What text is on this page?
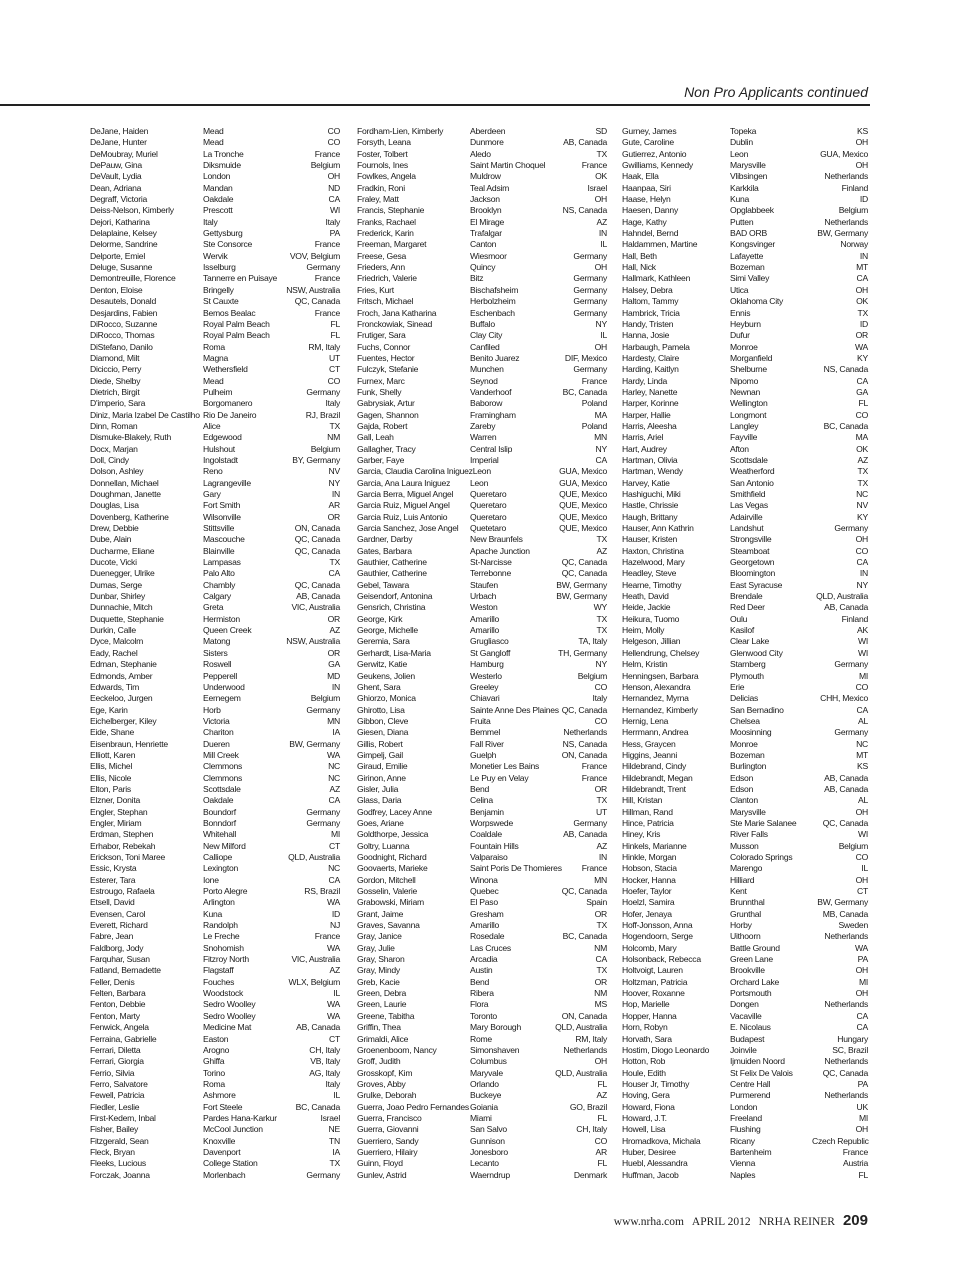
Non Pro Applicants continued
DeJane, Haiden	Mead	CO
DeJane, Hunter	Mead	CO
DeMoubray, Muriel	La Tronche	France
DePauw, Gina	Diksmuide	Belgium
DeVault, Lydia	London	OH
Dean, Adriana	Mandan	ND
Degraff, Victoria	Oakdale	CA
Deiss-Nelson, Kimberly	Prescott	WI
Dejori, Katharina	Italy	Italy
Delaplaine, Kelsey	Gettysburg	PA
Delorme, Sandrine	Ste Consorce	France
Delporte, Emiel	Wervik	VOV, Belgium
Deluge, Susanne	Isselburg	Germany
Demontreuille, Florence	Tannerre en Puisaye	France
Denton, Eloise	Bringelly	NSW, Australia
Desautels, Donald	St Cauxte	QC, Canada
Desjardins, Fabien	Bemos Bealac	France
DiRocco, Suzanne	Royal Palm Beach	FL
DiRocco, Thomas	Royal Palm Beach	FL
DiStefano, Danilo	Roma	RM, Italy
Diamond, Milt	Magna	UT
Diciccio, Perry	Wethersfield	CT
Diede, Shelby	Mead	CO
Dietrich, Birgit	Pulheim	Germany
D'imperio, Sara	Borgomanero	Italy
Diniz, Maria Izabel De Castilho Rio De Janeiro	RJ, Brazil
Dinn, Roman	Alice	TX
Dismuke-Blakely, Ruth	Edgewood	NM
Docx, Marjan	Hulshout	Belgium
Doll, Cindy	Ingolstadt	BY, Germany
Dolson, Ashley	Reno	NV
Donnellan, Michael	Lagrangeville	NY
Doughman, Janette	Gary	IN
Douglas, Lisa	Fort Smith	AR
Dovenberg, Katherine	Wilsonville	OR
Drew, Debbie	Stittsville	ON, Canada
Dube, Alain	Mascouche	QC, Canada
Ducharme, Eliane	Blainville	QC, Canada
Ducote, Vicki	Lampasas	TX
Duenegger, Ulrike	Palo Alto	CA
Dumas, Serge	Chambly	QC, Canada
Dunbar, Shirley	Calgary	AB, Canada
Dunnachie, Mitch	Greta	VIC, Australia
Duquette, Stephanie	Hermiston	OR
Durkin, Calle	Queen Creek	AZ
Dyce, Malcolm	Matong	NSW, Australia
Eady, Rachel	Sisters	OR
Edman, Stephanie	Roswell	GA
Edmonds, Amber	Pepperell	MD
Edwards, Tim	Underwood	IN
Eeckeloo, Jurgen	Eernegem	Belgium
Ege, Karin	Horb	Germany
Eichelberger, Kiley	Victoria	MN
Eide, Shane	Chariton	IA
Eisenbraun, Henriette	Dueren	BW, Germany
Elliott, Karen	Mill Creek	WA
Ellis, Michel	Clemmons	NC
Ellis, Nicole	Clemmons	NC
Elton, Paris	Scottsdale	AZ
Elzner, Donita	Oakdale	CA
Engler, Stephan	Boundorf	Germany
Engler, Miriam	Bonndorf	Germany
Erdman, Stephen	Whitehall	MI
Erhabor, Rebekah	New Milford	CT
Erickson, Toni Maree	Calliope	QLD, Australia
Essic, Krysta	Lexington	NC
Esterer, Tara	Ione	CA
Estrougo, Rafaela	Porto Alegre	RS, Brazil
Etsell, David	Arlington	WA
Evensen, Carol	Kuna	ID
Everett, Richard	Randolph	NJ
Fabre, Jean	Le Freche	France
Faldborg, Jody	Snohomish	WA
Farquhar, Susan	Fitzroy North	VIC, Australia
Fatland, Bernadette	Flagstaff	AZ
Feller, Denis	Fouches	WLX, Belgium
Felten, Barbara	Woodstock	IL
Fenton, Debbie	Sedro Woolley	WA
Fenton, Marty	Sedro Woolley	WA
Fenwick, Angela	Medicine Mat	AB, Canada
Ferraina, Gabrielle	Easton	CT
Ferrari, Diletta	Arogno	CH, Italy
Ferrari, Giorgia	Ghiffa	VB, Italy
Ferrio, Silvia	Torino	AG, Italy
Ferro, Salvatore	Roma	Italy
Fewell, Patricia	Ashmore	IL
Fiedler, Leslie	Fort Steele	BC, Canada
First-Kedem, Inbal	Pardes Hana-Karkur	Israel
Fisher, Bailey	McCool Junction	NE
Fitzgerald, Sean	Knoxville	TN
Fleck, Bryan	Davenport	IA
Fleeks, Lucious	College Station	TX
Forczak, Joanna	Morlenbach	Germany
Fordham-Lien, Kimberly	Aberdeen	SD
Forsyth, Leana	Dunmore	AB, Canada
Foster, Tolbert	Aledo	TX
Fournols, Ines	Saint Martin Choquel	France
Fowlkes, Angela	Muldrow	OK
Fradkin, Roni	Teal Adsim	Israel
Fraley, Matt	Jackson	OH
Francis, Stephanie	Brooklyn	NS, Canada
Franks, Rachael	El Mirage	AZ
Frederick, Karin	Trafalgar	IN
Freeman, Margaret	Canton	IL
Freese, Gesa	Wiesmoor	Germany
Frieders, Ann	Quincy	OH
Friedrich, Valerie	Bitz	Germany
Fries, Kurt	Bischafsheim	Germany
Fritsch, Michael	Herbolzheim	Germany
Froch, Jana Katharina	Eschenbach	Germany
Fronckowiak, Sinead	Buffalo	NY
Frutiger, Sara	Clay City	IL
Fuchs, Connor	Canfiled	OH
Fuentes, Hector	Benito Juarez	DIF, Mexico
Fulczyk, Stefanie	Munchen	Germany
Furnex, Marc	Seynod	France
Funk, Shelly	Vanderhoof	BC, Canada
Gabrysiak, Artur	Baborow	Poland
Gagen, Shannon	Framingham	MA
Gajda, Robert	Zareby	Poland
Gall, Leah	Warren	MN
Gallagher, Tracy	Central Islip	NY
Garber, Faye	Imperial	CA
Garcia, Claudia Carolina Iniguez Leon	GUA, Mexico
Garcia, Ana Laura Iniguez	Leon	GUA, Mexico
Garcia Berra, Miguel Angel	Queretaro	QUE, Mexico
Garcia Ruiz, Miguel Angel	Queretaro	QUE, Mexico
Garcia Ruiz, Luis Antonio	Queretaro	QUE, Mexico
Garcia Sanchez, Jose Angel	Quetetaro	QUE, Mexico
Gardner, Darby	New Braunfels	TX
Gates, Barbara	Apache Junction	AZ
Gauthier, Catherine	St-Narcisse	QC, Canada
Gauthier, Catherine	Terrebonne	QC, Canada
Gebel, Tawara	Staufen	BW, Germany
Geisendorf, Antonina	Urbach	BW, Germany
Gensrich, Christina	Weston	WY
George, Kirk	Amarillo	TX
George, Michelle	Amarillo	TX
Geremia, Sara	Grugliasco	TA, Italy
Gerhardt, Lisa-Maria	St Gangloff	TH, Germany
Gerwitz, Katie	Hamburg	NY
Geukens, Jolien	Westerlo	Belgium
Ghent, Sara	Greeley	CO
Ghiorzo, Monica	Chiavari	Italy
Ghirotto, Lisa	Sainte Anne Des Plaines QC, Canada
Gibbon, Cleve	Fruita	CO
Giesen, Diana	Bemmel	Netherlands
Gillis, Robert	Fall River	NS, Canada
Gimpelj, Gail	Guelph	ON, Canada
Giraud, Emilie	Monetier Les Bains	France
Girinon, Anne	Le Puy en Velay	France
Gisler, Julia	Bend	OR
Glass, Daria	Celina	TX
Godfrey, Lacey Anne	Benjamin	UT
Goes, Ariane	Worpswede	Germany
Goldthorpe, Jessica	Coaldale	AB, Canada
Goltry, Luanna	Fountain Hills	AZ
Goodnight, Richard	Valparaiso	IN
Goovaerts, Marieke	Saint Poris De Thomieres	France
Gordon, Mitchell	Winona	MN
Gosselin, Valerie	Quebec	QC, Canada
Grabowski, Miriam	El Paso	Spain
Grant, Jaime	Gresham	OR
Graves, Savanna	Amarillo	TX
Gray, Janice	Rosedale	BC, Canada
Gray, Julie	Las Cruces	NM
Gray, Sharon	Arcadia	CA
Gray, Mindy	Austin	TX
Greb, Kacie	Bend	OR
Green, Debra	Ribera	NM
Green, Laurie	Flora	MS
Greene, Tabitha	Toronto	ON, Canada
Griffin, Thea	Mary Borough	QLD, Australia
Grimaldi, Alice	Rome	RM, Italy
Groenenboom, Nancy	Simonshaven	Netherlands
Groff, Judith	Columbus	OH
Grosskopf, Kim	Maryvale	QLD, Australia
Groves, Abby	Orlando	FL
Grulke, Deborah	Buckeye	AZ
Guerra, Joao Pedro Fernandes Goiania	GO, Brazil
Guerra, Francisco	Miami	FL
Guerra, Giovanni	San Salvo	CH, Italy
Guerriero, Sandy	Gunnison	CO
Guerriero, Hilairy	Jonesboro	AR
Guinn, Floyd	Lecanto	FL
Gunlev, Astrid	Waerndrup	Denmark
Gurney, James	Topeka	KS
Gute, Caroline	Dublin	OH
Gutierrez, Antonio	Leon	GUA, Mexico
Gwilliams, Kennedy	Marysville	OH
Haak, Ella	Vlibsingen	Netherlands
Haanpaa, Siri	Karkkila	Finland
Haase, Helyn	Kuna	ID
Haesen, Danny	Opglabbeek	Belgium
Hage, Kathy	Putten	Netherlands
Hahndel, Bernd	BAD ORB	BW, Germany
Haldammen, Martine	Kongsvinger	Norway
Hall, Beth	Lafayette	IN
Hall, Nick	Bozeman	MT
Hallmark, Kathleen	Simi Valley	CA
Halsey, Debra	Utica	OH
Haltom, Tammy	Oklahoma City	OK
Hambrick, Tricia	Ennis	TX
Handy, Tristen	Heyburn	ID
Hanna, Josie	Dufur	OR
Harbaugh, Pamela	Monroe	WA
Hardesty, Claire	Morganfield	KY
Harding, Kaitlyn	Shelburne	NS, Canada
Hardy, Linda	Nipomo	CA
Harley, Nanette	Newnan	GA
Harper, Korinne	Wellington	FL
Harper, Hallie	Longmont	CO
Harris, Aleesha	Langley	BC, Canada
Harris, Ariel	Fayville	MA
Hart, Audrey	Afton	OK
Hartman, Olivia	Scottsdale	AZ
Hartman, Wendy	Weatherford	TX
Harvey, Katie	San Antonio	TX
Hashiguchi, Miki	Smithfield	NC
Hastle, Chrissie	Las Vegas	NV
Haugh, Brittany	Adairville	KY
Hauser, Ann Kathrin	Landshut	Germany
Hauser, Kristen	Strongsville	OH
Haxton, Christina	Steamboat	CO
Hazelwood, Mary	Georgetown	CA
Headley, Steve	Bloomington	IN
Hearne, Timothy	East Syracuse	NY
Heath, David	Brendale	QLD, Australia
Heide, Jackie	Red Deer	AB, Canada
Heikura, Tuomo	Oulu	Finland
Heim, Molly	Kasilof	AK
Helgeson, Jillian	Clear Lake	WI
Hellendrung, Chelsey	Glenwood City	WI
Helm, Kristin	Starnberg	Germany
Henningsen, Barbara	Plymouth	MI
Henson, Alexandra	Erie	CO
Hernandez, Myrna	Delicias	CHH, Mexico
Hernandez, Kimberly	San Bernadino	CA
Hernig, Lena	Chelsea	AL
Herrmann, Andrea	Moosinning	Germany
Hess, Graycen	Monroe	NC
Higgins, Jeanni	Bozeman	MT
Hildebrand, Cindy	Burlington	KS
Hildebrandt, Megan	Edson	AB, Canada
Hildebrandt, Trent	Edson	AB, Canada
Hill, Kristan	Clanton	AL
Hillman, Rand	Marysville	OH
Hince, Patricia	Ste Marie Salanee	QC, Canada
Hiney, Kris	River Falls	WI
Hinkels, Marianne	Musson	Belgium
Hinkle, Morgan	Colorado Springs	CO
Hobson, Stacia	Marengo	IL
Hocker, Hanna	Hilliard	OH
Hoefer, Taylor	Kent	CT
Hoelzl, Samira	Brunnthal	BW, Germany
Hofer, Jenaya	Grunthal	MB, Canada
Hoff-Jonsson, Anna	Horby	Sweden
Hogendoorn, Serge	Uithoorn	Netherlands
Holcomb, Mary	Battle Ground	WA
Holsonback, Rebecca	Green Lane	PA
Holtvoigt, Lauren	Brookville	OH
Holtzman, Patricia	Orchard Lake	MI
Hoover, Roxanne	Portsmouth	OH
Hop, Marielle	Dongen	Netherlands
Hopper, Hanna	Vacaville	CA
Horn, Robyn	E. Nicolaus	CA
Horvath, Sara	Budapest	Hungary
Hostim, Diogo Leonardo	Joinvile	SC, Brazil
Hotton, Rob	Ijmuiden Noord	Netherlands
Houle, Edith	St Felix De Valois	QC, Canada
Houser Jr, Timothy	Centre Hall	PA
Hoving, Gera	Purmerend	Netherlands
Howard, Fiona	London	UK
Howard, J.T.	Freeland	MI
Howell, Lisa	Flushing	OH
Hromadkova, Michala	Ricany	Czech Republic
Huber, Desiree	Bartenheim	France
Huebl, Alessandra	Vienna	Austria
Huffman, Jacob	Naples	FL
www.nrha.com APRIL 2012 NRHA REINER 209
